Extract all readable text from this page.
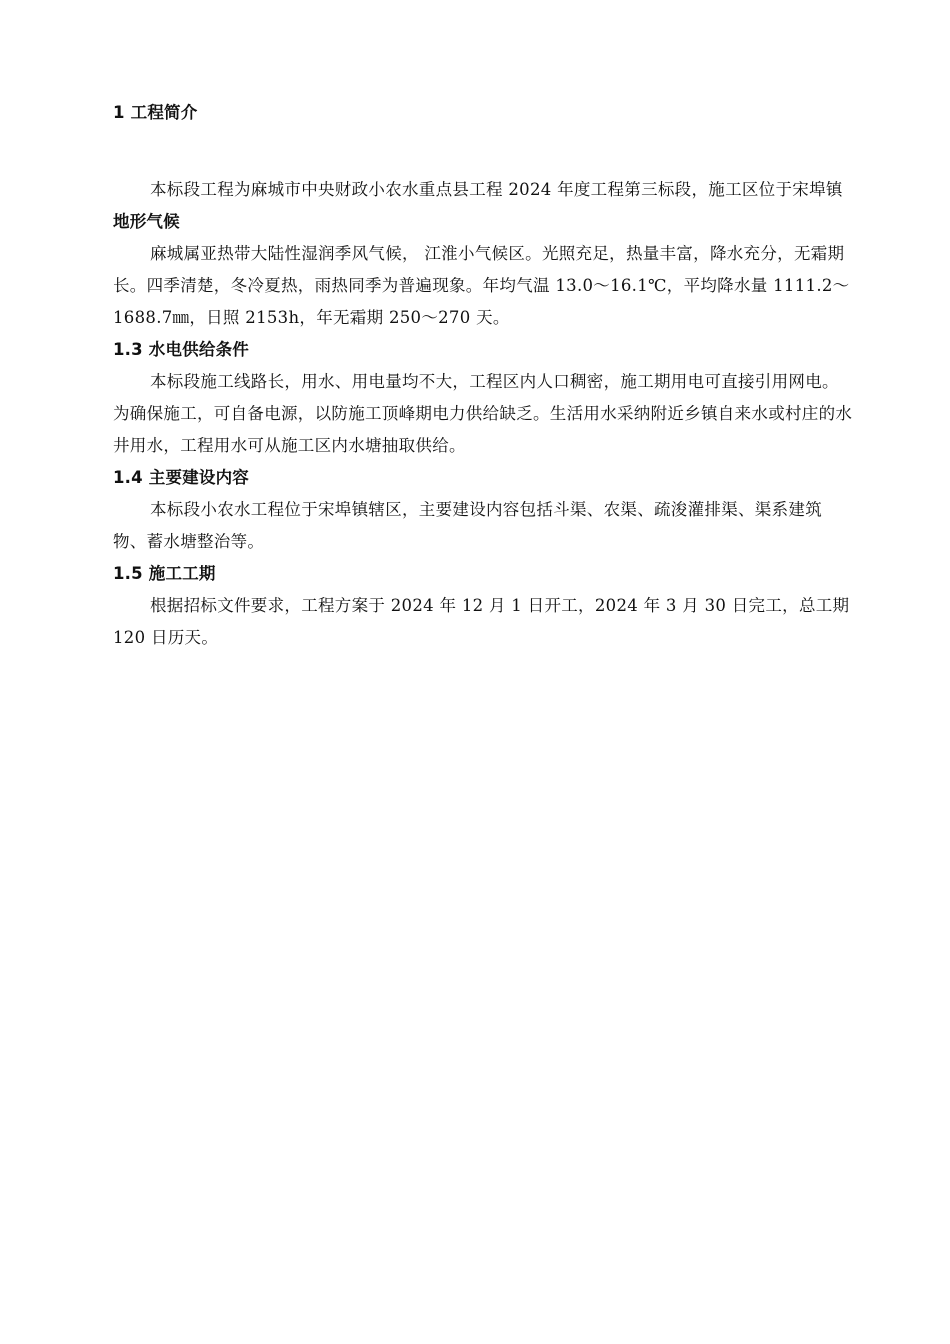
1 工程简介

本标段工程为麻城市中央财政小农水重点县工程 2024 年度工程第三标段，施工区位于宋埠镇

地形气候

麻城属亚热带大陆性湿润季风气候， 江淮小气候区。光照充足，热量丰富，降水充分，无霜期长。四季清楚，冬冷夏热，雨热同季为普遍现象。年均气温 13.0～16.1℃，平均降水量 1111.2～1688.7㎜，日照 2153h，年无霜期 250～270 天。

1.3 水电供给条件

本标段施工线路长，用水、用电量均不大，工程区内人口稠密，施工期用电可直接引用网电。为确保施工，可自备电源，以防施工顶峰期电力供给缺乏。生活用水采纳附近乡镇自来水或村庄的水井用水，工程用水可从施工区内水塘抽取供给。

1.4 主要建设内容

本标段小农水工程位于宋埠镇辖区，主要建设内容包括斗渠、农渠、疏浚灌排渠、渠系建筑物、蓄水塘整治等。

1.5 施工工期

根据招标文件要求，工程方案于 2024 年 12 月 1 日开工，2024 年 3 月 30 日完工，总工期 120 日历天。
